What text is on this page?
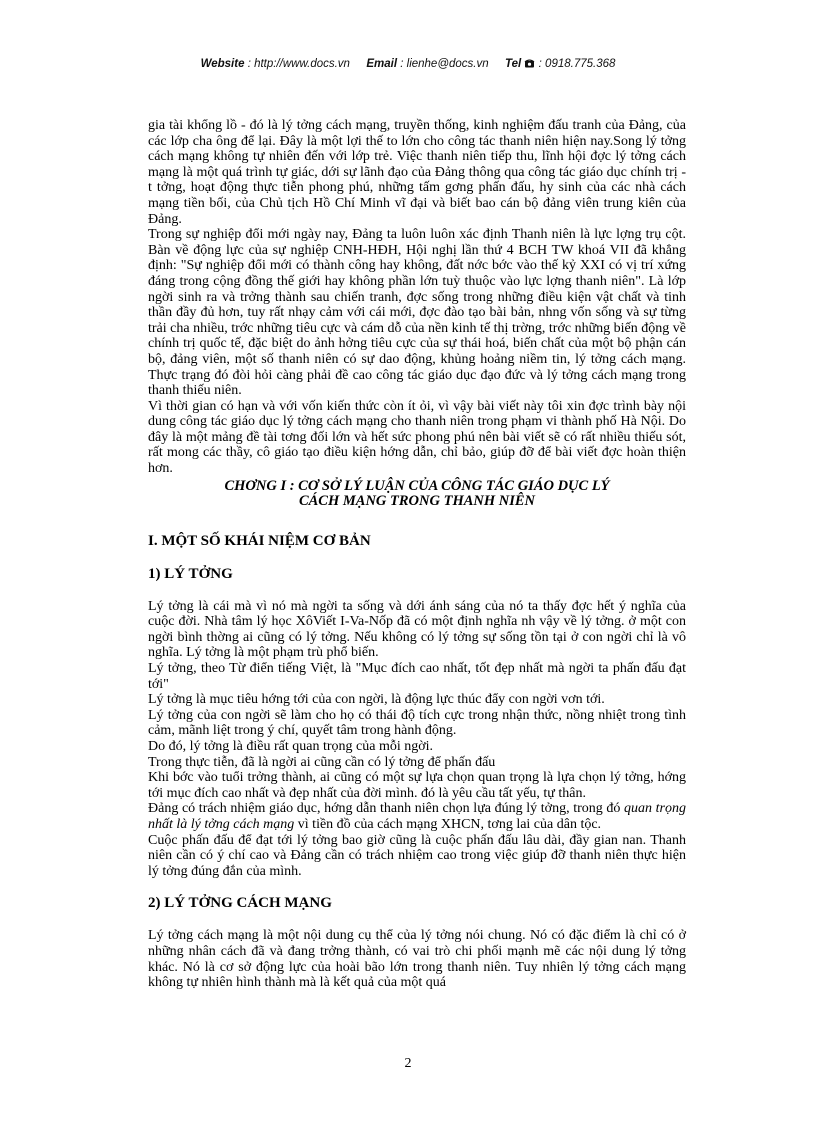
Website : http://www.docs.vn Email : lienhe@docs.vn Tel : 0918.775.368

gia tài khổng lồ - đó là lý tởng cách mạng, truyền thống, kinh nghiệm đấu tranh của Đảng, của các lớp cha ông để lại. Đây là một lợi thế to lớn cho công tác thanh niên hiện nay.Song lý tởng cách mạng không tự nhiên đến với lớp trẻ. Việc thanh niên tiếp thu, lĩnh hội đợc lý tởng cách mạng là một quá trình tự giác, dới sự lãnh đạo của Đảng thông qua công tác giáo dục chính trị - t tởng, hoạt động thực tiễn phong phú, những tấm gơng phấn đấu, hy sinh của các nhà cách mạng tiền bối, của Chủ tịch Hồ Chí Minh vĩ đại và biết bao cán bộ đảng viên trung kiên của Đảng.

Trong sự nghiệp đổi mới ngày nay, Đảng ta luôn luôn xác định Thanh niên là lực lợng trụ cột. Bàn về động lực của sự nghiệp CNH-HĐH, Hội nghị lần thứ 4 BCH TW khoá VII đã khẳng định: "Sự nghiệp đổi mới có thành công hay không, đất nớc bớc vào thế kỷ XXI có vị trí xứng đáng trong cộng đồng thế giới hay không phần lớn tuỳ thuộc vào lực lợng thanh niên". Là lớp ngời sinh ra và trởng thành sau chiến tranh, đợc sống trong những điều kiện vật chất và tinh thần đầy đủ hơn, tuy rất nhạy cảm với cái mới, đợc đào tạo bài bản, nhng vốn sống và sự từng trải cha nhiều, trớc những tiêu cực và cám dỗ của nền kinh tế thị trờng, trớc những biến động về chính trị quốc tế, đặc biệt do ảnh hởng tiêu cực của sự thái hoá, biến chất của một bộ phận cán bộ, đảng viên, một số thanh niên có sự dao động, khủng hoảng niềm tin, lý tởng cách mạng. Thực trạng đó đòi hỏi càng phải đề cao công tác giáo dục đạo đức và lý tởng cách mạng trong thanh thiếu niên.

Vì thời gian có hạn và với vốn kiến thức còn ít ỏi, vì vậy bài viết này tôi xin đợc trình bày nội dung công tác giáo dục lý tởng cách mạng cho thanh niên trong phạm vi thành phố Hà Nội. Do đây là một mảng đề tài tơng đối lớn và hết sức phong phú nên bài viết sẽ có rất nhiều thiếu sót, rất mong các thầy, cô giáo tạo điều kiện hớng dẫn, chỉ bảo, giúp đỡ để bài viết đợc hoàn thiện hơn.

CHƠNG I : CƠ SỞ LÝ LUẬN CỦA CÔNG TÁC GIÁO DỤC LÝ
CÁCH MẠNG TRONG THANH NIÊN
I. MỘT SỐ KHÁI NIỆM CƠ BẢN
1) LÝ TỞNG

Lý tởng là cái mà vì nó mà ngời ta sống và dới ánh sáng của nó ta thấy đợc hết ý nghĩa của cuộc đời. Nhà tâm lý học XôViết I-Va-Nốp đã có một định nghĩa nh vậy về lý tởng. ở một con ngời bình thờng ai cũng có lý tởng. Nếu không có lý tởng sự sống tồn tại ở con ngời chỉ là vô nghĩa. Lý tởng là một phạm trù phổ biến.

Lý tởng, theo Từ điển tiếng Việt, là "Mục đích cao nhất, tốt đẹp nhất mà ngời ta phấn đấu đạt tới"

Lý tởng là mục tiêu hớng tới của con ngời, là động lực thúc đẩy con ngời vơn tới.

Lý tởng của con ngời sẽ làm cho họ có thái độ tích cực trong nhận thức, nồng nhiệt trong tình cảm, mãnh liệt trong ý chí, quyết tâm trong hành động.

Do đó, lý tởng là điều rất quan trọng của mỗi ngời.

Trong thực tiễn, đã là ngời ai cũng cần có lý tởng để phấn đấu

Khi bớc vào tuổi trởng thành, ai cũng có một sự lựa chọn quan trọng là lựa chọn lý tởng, hớng tới mục đích cao nhất và đẹp nhất của đời mình. đó là yêu cầu tất yếu, tự thân.

Đảng có trách nhiệm giáo dục, hớng dẫn thanh niên chọn lựa đúng lý tởng, trong đó quan trọng nhất là lý tởng cách mạng vì tiền đồ của cách mạng XHCN, tơng lai của dân tộc.

Cuộc phấn đấu để đạt tới lý tởng bao giờ cũng là cuộc phấn đấu lâu dài, đầy gian nan. Thanh niên cần có ý chí cao và Đảng cần có trách nhiệm cao trong việc giúp đỡ thanh niên thực hiện lý tởng đúng đắn của mình.

2) LÝ TỞNG CÁCH MẠNG

Lý tởng cách mạng là một nội dung cụ thể của lý tởng nói chung. Nó có đặc điểm là chỉ có ở những nhân cách đã và đang trởng thành, có vai trò chi phối mạnh mẽ các nội dung lý tởng khác. Nó là cơ sở động lực của hoài bão lớn trong thanh niên. Tuy nhiên lý tởng cách mạng không tự nhiên hình thành mà là kết quả của một quá

2
